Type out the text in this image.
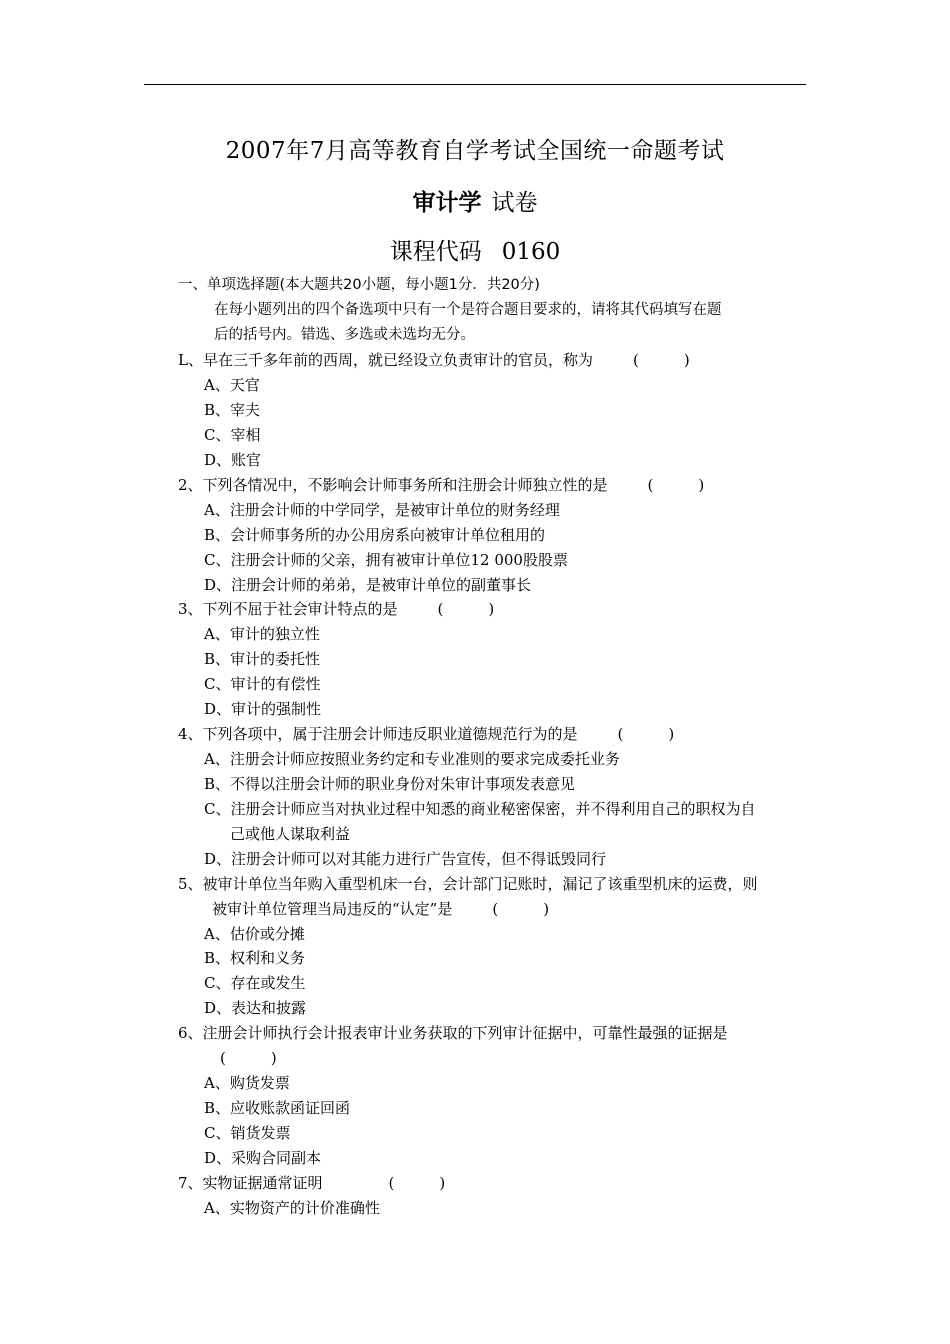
2007年7月高等教育自学考试全国统一命题考试
审计学 试卷
课程代码 0160
一、单项选择题(本大题共20小题，每小题1分．共20分)
在每小题列出的四个备选项中只有一个是符合题目要求的，请将其代码填写在题
后的括号内。错选、多选或未选均无分。
L、早在三千多年前的西周，就已经设立负责审计的官员，称为	(　　　)
A、天官
B、宰夫
C、宰相
D、账官
2、下列各情况中，不影响会计师事务所和注册会计师独立性的是	(　　　)
A、注册会计师的中学同学，是被审计单位的财务经理
B、会计师事务所的办公用房系向被审计单位租用的
C、注册会计师的父亲，拥有被审计单位12 000股股票
D、注册会计师的弟弟，是被审计单位的副董事长
3、下列不屈于社会审计特点的是	(　　　)
A、审计的独立性
B、审计的委托性
C、审计的有偿性
D、审计的强制性
4、下列各项中，属于注册会计师违反职业道德规范行为的是	(　　　)
A、注册会计师应按照业务约定和专业准则的要求完成委托业务
B、不得以注册会计师的职业身份对朱审计事项发表意见
C、注册会计师应当对执业过程中知悉的商业秘密保密，并不得利用自己的职权为自
己或他人谋取利益
D、注册会计师可以对其能力进行广告宣传，但不得诋毁同行
5、被审计单位当年购入重型机床一台，会计部门记账时，漏记了该重型机床的运费，则
被审计单位管理当局违反的“认定”是	(　　　)
A、估价或分摊
B、权利和义务
C、存在或发生
D、表达和披露
6、注册会计师执行会计报表审计业务获取的下列审计征据中，可靠性最强的证据是
(　　　)
A、购货发票
B、应收账款函证回函
C、销货发票
D、采购合同副本
7、实物证据通常证明	(　　　)
A、实物资产的计价准确性
